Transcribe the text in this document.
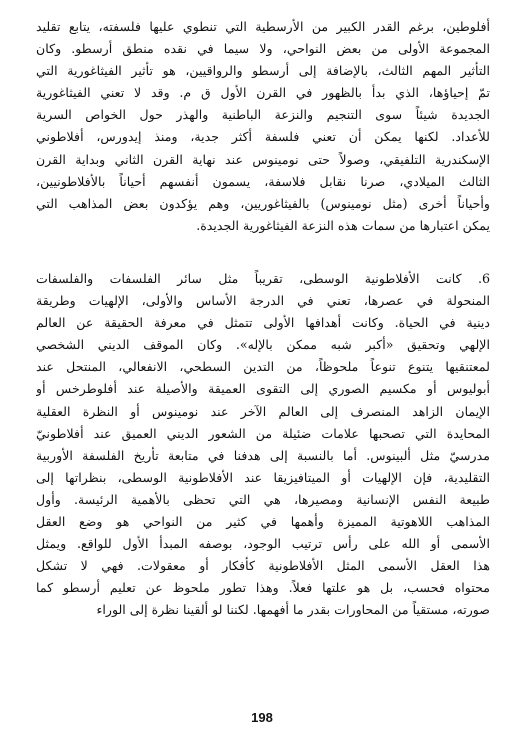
أفلوطين، برغم القدر الكبير من الأرسطية التي تنطوي عليها فلسفته، يتابع تقليد
المجموعة الأولى من بعض النواحي، ولا سيما في نقده منطق أرسطو. وكان
التأثير المهم الثالث، بالإضافة إلى أرسطو والرواقيين، هو تأثير الفيثاغورية التي
تمّ إحياؤها، الذي بدأ بالظهور في القرن الأول ق م. وقد لا تعني الفيثاغورية
الجديدة شيئاً سوى التنجيم والنزعة الباطنية والهذر حول الخواص السرية
للأعداد. لكنها يمكن أن تعني فلسفة أكثر جدية، ومنذ إيدورس، أفلاطوني
الإسكندرية التلفيقي، وصولاً حتى نومينوس عند نهاية القرن الثاني وبداية القرن
الثالث الميلادي، صرنا نقابل فلاسفة، يسمون أنفسهم أحياناً بالأفلاطونيين،
وأحياناً أخرى (مثل نومينوس) بالفيثاغوريين، وهم يؤكدون بعض المذاهب التي
يمكن اعتبارها من سمات هذه النزعة الفيثاغورية الجديدة.
6. كانت الأفلاطونية الوسطى، تقريباً مثل سائر الفلسفات والفلسفات
المنحولة في عصرها، تعني في الدرجة الأساس والأولى، الإلهيات وطريقة
دينية في الحياة. وكانت أهدافها الأولى تتمثل في معرفة الحقيقة عن العالم
الإلهي وتحقيق «أكبر شبه ممكن بالإله». وكان الموقف الديني الشخصي
لمعتنقيها يتنوع تنوعاً ملحوظاً، من التدين السطحي، الانفعالي، المنتحل عند
أبوليوس أو مكسيم الصوري إلى التقوى العميقة والأصيلة عند أفلوطرخس أو
الإيمان الزاهد المنصرف إلى العالم الآخر عند نومينوس أو النظرة العقلية
المحايدة التي تصحبها علامات ضئيلة من الشعور الديني العميق عند أفلاطونيّ
مدرسيّ مثل ألبينوس. أما بالنسبة إلى هدفنا في متابعة تأريخ الفلسفة الأوربية
التقليدية، فإن الإلهيات أو الميتافيزيقا عند الأفلاطونية الوسطى، بنظراتها إلى
طبيعة النفس الإنسانية ومصيرها، هي التي تحظى بالأهمية الرئيسة. وأول
المذاهب اللاهوتية المميزة وأهمها في كثير من النواحي هو وضع العقل
الأسمى أو الله على رأس ترتيب الوجود، بوصفه المبدأ الأول للواقع. ويمثل
هذا العقل الأسمى المثل الأفلاطونية كأفكار أو معقولات. فهي لا تشكل
محتواه فحسب، بل هو علتها فعلاً. وهذا تطور ملحوظ عن تعليم أرسطو كما
صورته، مستقياً من المحاورات بقدر ما أفهمها. لكننا لو ألقينا نظرة إلى الوراء
198
